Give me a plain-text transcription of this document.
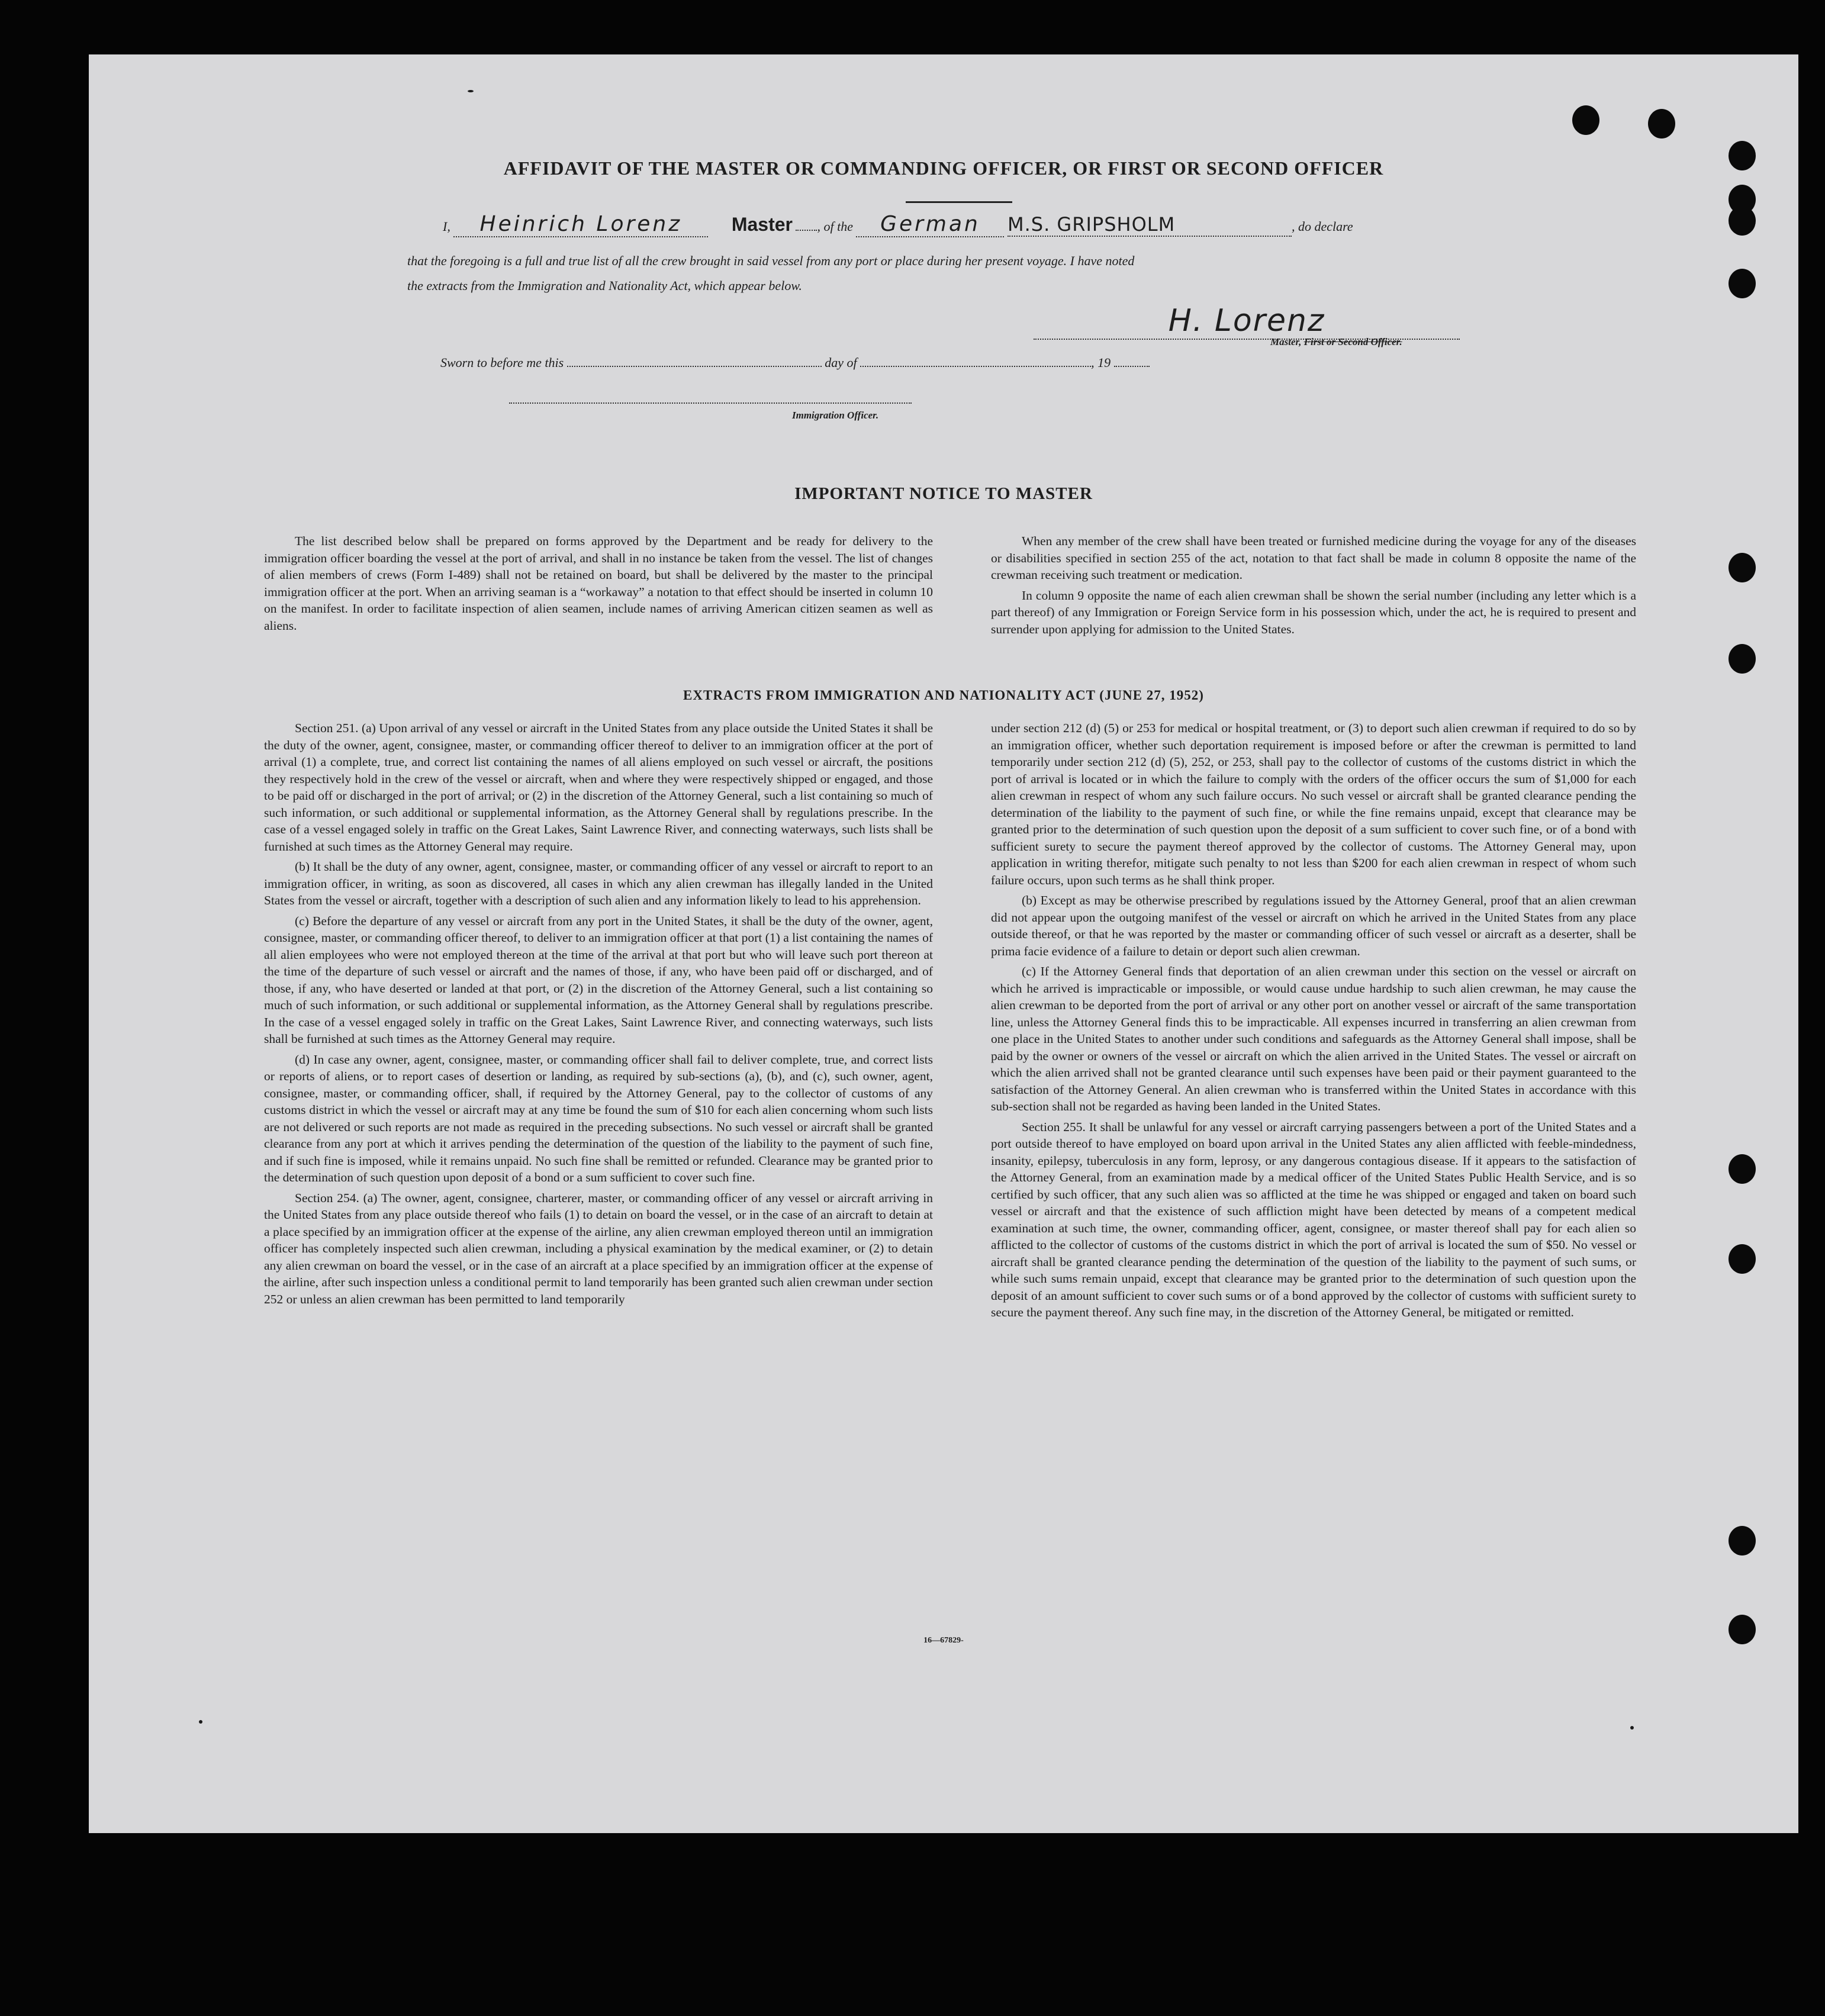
AFFIDAVIT OF THE MASTER OR COMMANDING OFFICER, OR FIRST OR SECOND OFFICER
I, Heinrich Lorenz	Master , of the German M.S. GRIPSHOLM	, do declare
that the foregoing is a full and true list of all the crew brought in said vessel from any port or place during her present voyage. I have noted
the extracts from the Immigration and Nationality Act, which appear below.
H. Lorenz
Master, First or Second Officer.
Sworn to before me this	day of	, 19
Immigration Officer.
IMPORTANT NOTICE TO MASTER

The list described below shall be prepared on forms approved by the Department and be ready for delivery to the immigration officer boarding the vessel at the port of arrival, and shall in no instance be taken from the vessel. The list of changes of alien members of crews (Form I-489) shall not be retained on board, but shall be delivered by the master to the principal immigration officer at the port. When an arriving seaman is a “workaway” a notation to that effect should be inserted in column 10 on the manifest. In order to facilitate inspection of alien seamen, include names of arriving American citizen seamen as well as aliens.

When any member of the crew shall have been treated or furnished medicine during the voyage for any of the diseases or disabilities specified in section 255 of the act, notation to that fact shall be made in column 8 opposite the name of the crewman receiving such treatment or medication.

In column 9 opposite the name of each alien crewman shall be shown the serial number (including any letter which is a part thereof) of any Immigration or Foreign Service form in his possession which, under the act, he is required to present and surrender upon applying for admission to the United States.

EXTRACTS FROM IMMIGRATION AND NATIONALITY ACT (JUNE 27, 1952)

Section 251. (a) Upon arrival of any vessel or aircraft in the United States from any place outside the United States it shall be the duty of the owner, agent, consignee, master, or commanding officer thereof to deliver to an immigration officer at the port of arrival (1) a complete, true, and correct list containing the names of all aliens employed on such vessel or aircraft, the positions they respectively hold in the crew of the vessel or aircraft, when and where they were respectively shipped or engaged, and those to be paid off or discharged in the port of arrival; or (2) in the discretion of the Attorney General, such a list containing so much of such information, or such additional or supplemental information, as the Attorney General shall by regulations prescribe. In the case of a vessel engaged solely in traffic on the Great Lakes, Saint Lawrence River, and connecting waterways, such lists shall be furnished at such times as the Attorney General may require.

(b) It shall be the duty of any owner, agent, consignee, master, or commanding officer of any vessel or aircraft to report to an immigration officer, in writing, as soon as discovered, all cases in which any alien crewman has illegally landed in the United States from the vessel or aircraft, together with a description of such alien and any information likely to lead to his apprehension.

(c) Before the departure of any vessel or aircraft from any port in the United States, it shall be the duty of the owner, agent, consignee, master, or commanding officer thereof, to deliver to an immigration officer at that port (1) a list containing the names of all alien employees who were not employed thereon at the time of the arrival at that port but who will leave such port thereon at the time of the departure of such vessel or aircraft and the names of those, if any, who have been paid off or discharged, and of those, if any, who have deserted or landed at that port, or (2) in the discretion of the Attorney General, such a list containing so much of such information, or such additional or supplemental information, as the Attorney General shall by regulations prescribe. In the case of a vessel engaged solely in traffic on the Great Lakes, Saint Lawrence River, and connecting waterways, such lists shall be furnished at such times as the Attorney General may require.

(d) In case any owner, agent, consignee, master, or commanding officer shall fail to deliver complete, true, and correct lists or reports of aliens, or to report cases of desertion or landing, as required by sub-sections (a), (b), and (c), such owner, agent, consignee, master, or commanding officer, shall, if required by the Attorney General, pay to the collector of customs of any customs district in which the vessel or aircraft may at any time be found the sum of $10 for each alien concerning whom such lists are not delivered or such reports are not made as required in the preceding subsections. No such vessel or aircraft shall be granted clearance from any port at which it arrives pending the determination of the question of the liability to the payment of such fine, and if such fine is imposed, while it remains unpaid. No such fine shall be remitted or refunded. Clearance may be granted prior to the determination of such question upon deposit of a bond or a sum sufficient to cover such fine.

Section 254. (a) The owner, agent, consignee, charterer, master, or commanding officer of any vessel or aircraft arriving in the United States from any place outside thereof who fails (1) to detain on board the vessel, or in the case of an aircraft to detain at a place specified by an immigration officer at the expense of the airline, any alien crewman employed thereon until an immigration officer has completely inspected such alien crewman, including a physical examination by the medical examiner, or (2) to detain any alien crewman on board the vessel, or in the case of an aircraft at a place specified by an immigration officer at the expense of the airline, after such inspection unless a conditional permit to land temporarily has been granted such alien crewman under section 252 or unless an alien crewman has been permitted to land temporarily

under section 212 (d) (5) or 253 for medical or hospital treatment, or (3) to deport such alien crewman if required to do so by an immigration officer, whether such deportation requirement is imposed before or after the crewman is permitted to land temporarily under section 212 (d) (5), 252, or 253, shall pay to the collector of customs of the customs district in which the port of arrival is located or in which the failure to comply with the orders of the officer occurs the sum of $1,000 for each alien crewman in respect of whom any such failure occurs. No such vessel or aircraft shall be granted clearance pending the determination of the liability to the payment of such fine, or while the fine remains unpaid, except that clearance may be granted prior to the determination of such question upon the deposit of a sum sufficient to cover such fine, or of a bond with sufficient surety to secure the payment thereof approved by the collector of customs. The Attorney General may, upon application in writing therefor, mitigate such penalty to not less than $200 for each alien crewman in respect of whom such failure occurs, upon such terms as he shall think proper.

(b) Except as may be otherwise prescribed by regulations issued by the Attorney General, proof that an alien crewman did not appear upon the outgoing manifest of the vessel or aircraft on which he arrived in the United States from any place outside thereof, or that he was reported by the master or commanding officer of such vessel or aircraft as a deserter, shall be prima facie evidence of a failure to detain or deport such alien crewman.

(c) If the Attorney General finds that deportation of an alien crewman under this section on the vessel or aircraft on which he arrived is impracticable or impossible, or would cause undue hardship to such alien crewman, he may cause the alien crewman to be deported from the port of arrival or any other port on another vessel or aircraft of the same transportation line, unless the Attorney General finds this to be impracticable. All expenses incurred in transferring an alien crewman from one place in the United States to another under such conditions and safeguards as the Attorney General shall impose, shall be paid by the owner or owners of the vessel or aircraft on which the alien arrived in the United States. The vessel or aircraft on which the alien arrived shall not be granted clearance until such expenses have been paid or their payment guaranteed to the satisfaction of the Attorney General. An alien crewman who is transferred within the United States in accordance with this sub-section shall not be regarded as having been landed in the United States.

Section 255. It shall be unlawful for any vessel or aircraft carrying passengers between a port of the United States and a port outside thereof to have employed on board upon arrival in the United States any alien afflicted with feeble-mindedness, insanity, epilepsy, tuberculosis in any form, leprosy, or any dangerous contagious disease. If it appears to the satisfaction of the Attorney General, from an examination made by a medical officer of the United States Public Health Service, and is so certified by such officer, that any such alien was so afflicted at the time he was shipped or engaged and taken on board such vessel or aircraft and that the existence of such affliction might have been detected by means of a competent medical examination at such time, the owner, commanding officer, agent, consignee, or master thereof shall pay for each alien so afflicted to the collector of customs of the customs district in which the port of arrival is located the sum of $50. No vessel or aircraft shall be granted clearance pending the determination of the question of the liability to the payment of such sums, or while such sums remain unpaid, except that clearance may be granted prior to the determination of such question upon the deposit of an amount sufficient to cover such sums or of a bond approved by the collector of customs with sufficient surety to secure the payment thereof. Any such fine may, in the discretion of the Attorney General, be mitigated or remitted.

16—67829-
